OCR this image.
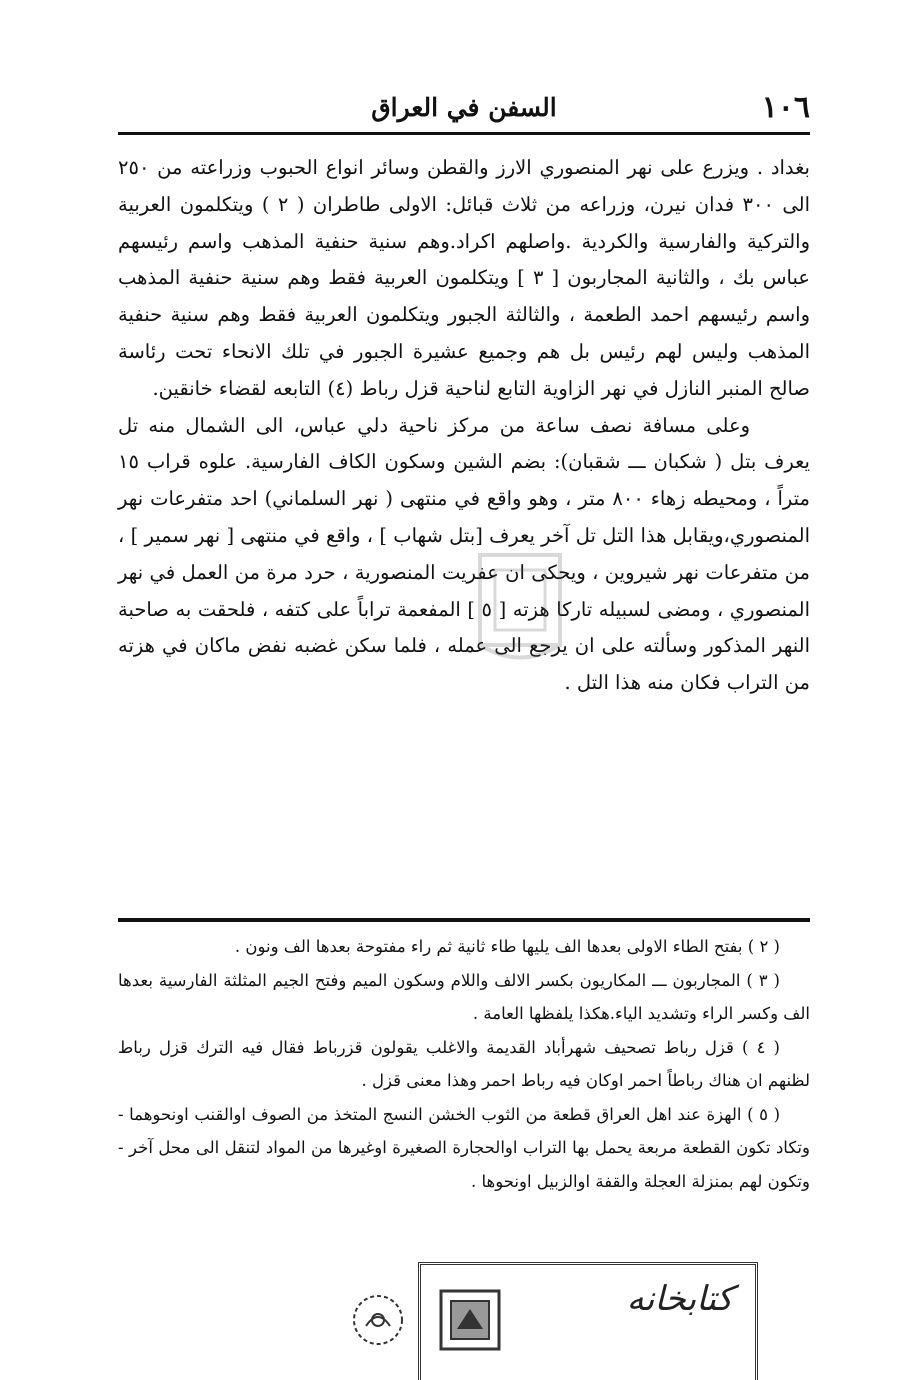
١٠٦
السفن في العراق

بغداد . ويزرع على نهر المنصوري الارز والقطن وسائر انواع الحبوب وزراعته من ٢٥٠ الى ٣٠٠ فدان نيرن، وزراعه من ثلاث قبائل: الاولى طاطران ( ٢ ) ويتكلمون العربية والتركية والفارسية والكردية .واصلهم اكراد.وهم سنية حنفية المذهب واسم رئيسهم عباس بك ، والثانية المجاربون [ ٣ ] ويتكلمون العربية فقط وهم سنية حنفية المذهب واسم رئيسهم احمد الطعمة ، والثالثة الجبور ويتكلمون العربية فقط وهم سنية حنفية المذهب وليس لهم رئيس بل هم وجميع عشيرة الجبور في تلك الانحاء تحت رئاسة صالح المنبر النازل في نهر الزاوية التابع لناحية قزل رباط (٤) التابعه لقضاء خانقين.

وعلى مسافة نصف ساعة من مركز ناحية دلي عباس، الى الشمال منه تل يعرف بتل ( شكبان ـــ شقبان): بضم الشين وسكون الكاف الفارسية. علوه قراب ١٥ متراً ، ومحيطه زهاء ٨٠٠ متر ، وهو واقع في منتهى ( نهر السلماني) احد متفرعات نهر المنصوري،ويقابل هذا التل تل آخر يعرف [بتل شهاب ] ، واقع في منتهى [ نهر سمير ] ، من متفرعات نهر شيروين ، ويحكى ان عفريت المنصورية ، حرد مرة من العمل في نهر المنصوري ، ومضى لسبيله تاركا هزته [ ٥ ] المفعمة تراباً على كتفه ، فلحقت به صاحبة النهر المذكور وسألته على ان يرجع الى عمله ، فلما سكن غضبه نفض ماكان في هزته من التراب فكان منه هذا التل .

( ٢ ) بفتح الطاء الاولى بعدها الف يليها طاء ثانية ثم راء مفتوحة بعدها الف ونون .

( ٣ ) المجاربون ـــ المكاريون بكسر الالف واللام وسكون الميم وفتح الجيم المثلثة الفارسية بعدها الف وكسر الراء وتشديد الياء.هكذا يلفظها العامة .

( ٤ ) قزل رباط تصحيف شهرأباد القديمة والاغلب يقولون قزرباط فقال فيه الترك قزل رباط لظنهم ان هناك رباطاً احمر اوكان فيه رباط احمر وهذا معنى قزل .

( ٥ ) الهزة عند اهل العراق قطعة من الثوب الخشن النسج المتخذ من الصوف اوالقنب اونحوهما - وتكاد تكون القطعة مربعة يحمل بها التراب اوالحجارة الصغيرة اوغيرها من المواد لتنقل الى محل آخر - وتكون لهم بمنزلة العجلة والقفة اوالزبيل اونحوها .

كتابخانه
